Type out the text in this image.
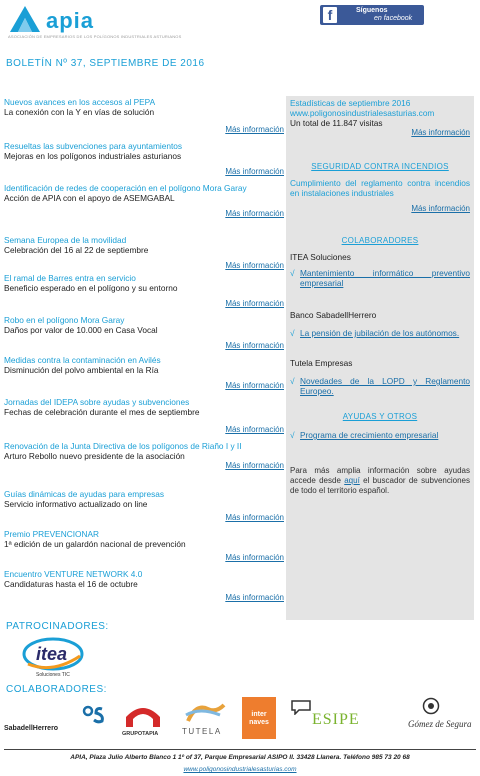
apia
ASOCIACIÓN DE EMPRESARIOS DE LOS POLÍGONOS INDUSTRIALES ASTURIANOS
f	Síguenos
en facebook
BOLETÍN Nº 37, SEPTIEMBRE DE 2016
Nuevos avances en los accesos al PEPA
La conexión con la Y en vías de solución
Más información
Resueltas las subvenciones para ayuntamientos
Mejoras en los polígonos industriales asturianos
Más información
Identificación de redes de cooperación en el polígono Mora Garay
Acción de APIA con el apoyo de ASEMGABAL
Más información
Semana Europea de la movilidad
Celebración del 16 al 22 de septiembre
Más información
El ramal de Barres entra en servicio
Beneficio esperado en el polígono y su entorno
Más información
Robo en el polígono Mora Garay
Daños por valor de 10.000 en Casa Vocal
Más información
Medidas contra la contaminación en Avilés
Disminución del polvo ambiental en la Ría
Más información
Jornadas del IDEPA sobre ayudas y subvenciones
Fechas de celebración durante el mes de septiembre
Más información
Renovación de la Junta Directiva de los polígonos de Riaño I y II
Arturo Rebollo nuevo presidente de la asociación
Más información
Guías dinámicas de ayudas para empresas
Servicio informativo actualizado on line
Más información
Premio PREVENCIONAR
1ª edición de un galardón nacional de prevención
Más información
Encuentro VENTURE NETWORK 4.0
Candidaturas hasta el 16 de octubre
Más información
Estadísticas de septiembre 2016
www.poligonosindustrialesasturias.com
Un total de 11.847 visitas
Más información
SEGURIDAD CONTRA INCENDIOS
Cumplimiento del reglamento contra incendios en instalaciones industriales
Más información
COLABORADORES
ITEA Soluciones
√ Mantenimiento informático preventivo empresarial
Banco SabadellHerrero
√ La pensión de jubilación de los autónomos.
Tutela Empresas
√ Novedades de la LOPD y Reglamento Europeo.
AYUDAS Y OTROS
√ Programa de crecimiento empresarial

Para más amplia información sobre ayudas accede desde aquí el buscador de subvenciones de todo el territorio español.

PATROCINADORES:
itea
Soluciones TIC
COLABORADORES:
SabadellHerrero
GRUPOTAPIA	TUTELA
inter naves	ESIPE	Gómez de Segura
APIA, Plaza Julio Alberto Blanco 1 1º of 37, Parque Empresarial ASIPO II. 33428 Llanera. Teléfono 985 73 20 68
www.poligonosindustrialesasturias.com
